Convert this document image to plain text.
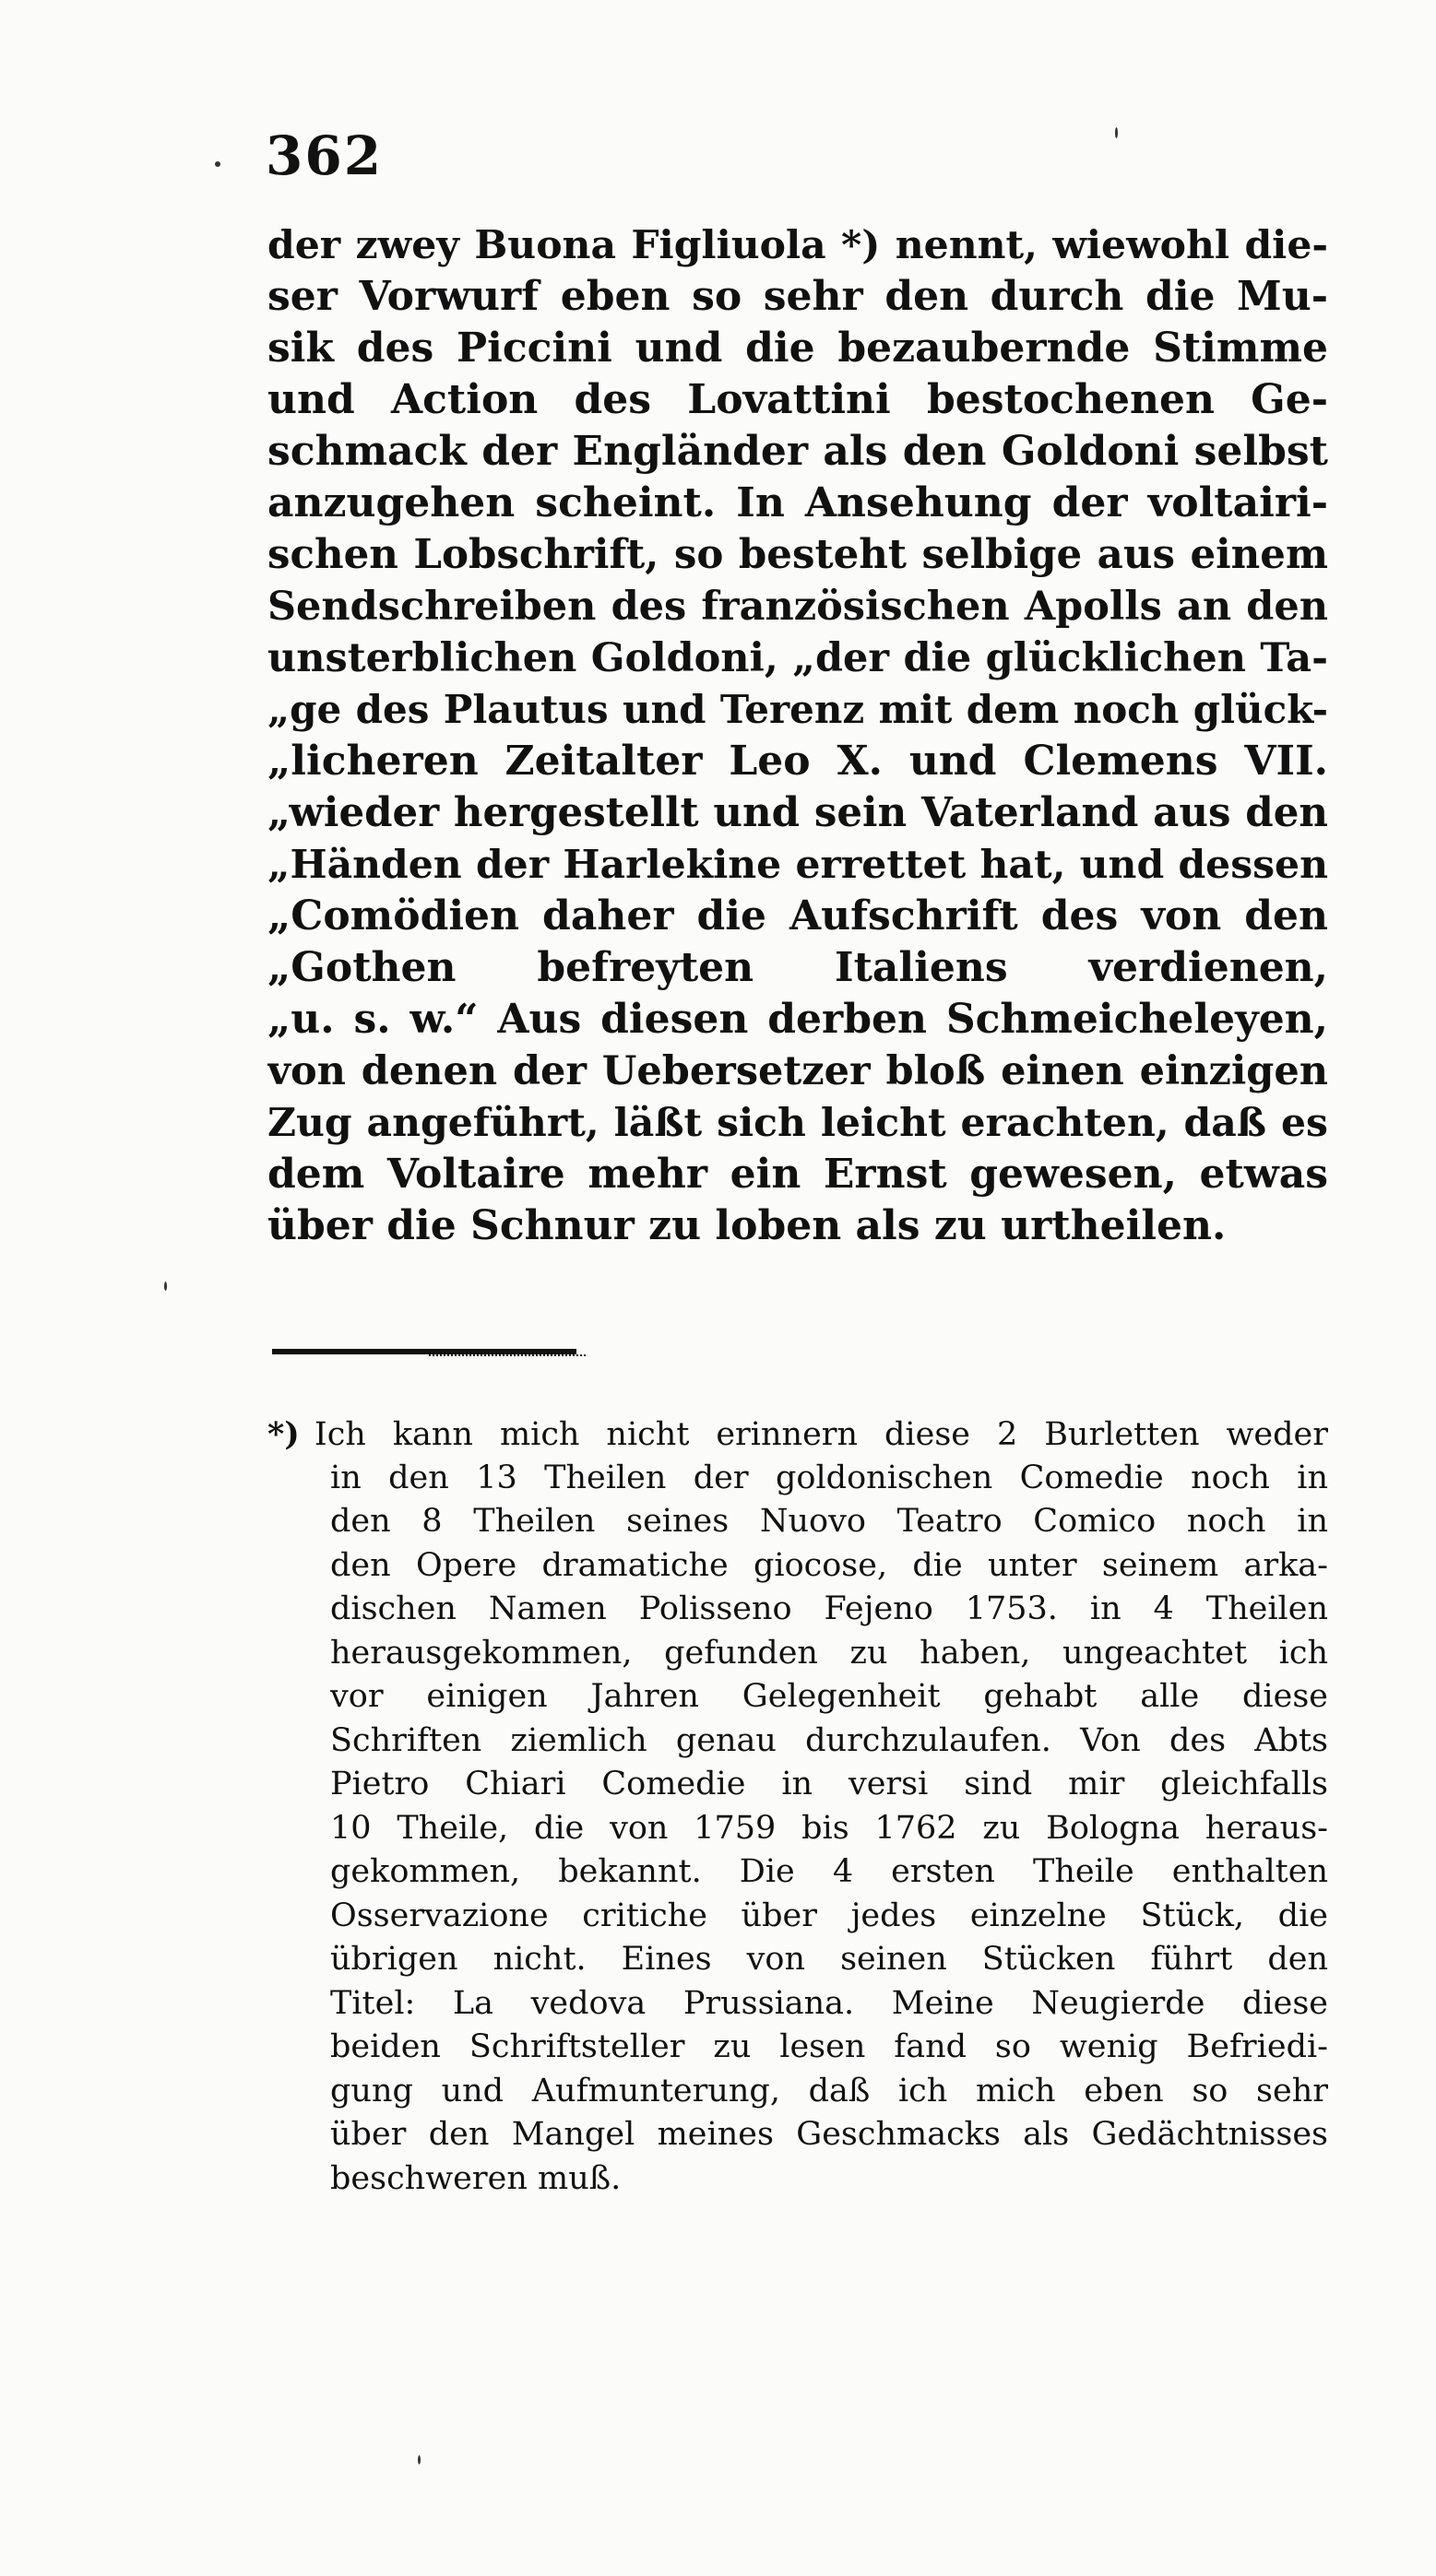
362
der zwey Buona Figliuola *) nennt, wiewohl die-
ser Vorwurf eben so sehr den durch die Mu-
sik des Piccini und die bezaubernde Stimme
und Action des Lovattini bestochenen Ge-
schmack der Engländer als den Goldoni selbst
anzugehen scheint. In Ansehung der voltairi-
schen Lobschrift, so besteht selbige aus einem
Sendschreiben des französischen Apolls an den
unsterblichen Goldoni, „der die glücklichen Ta-
„ge des Plautus und Terenz mit dem noch glück-
„licheren Zeitalter Leo X. und Clemens VII.
„wieder hergestellt und sein Vaterland aus den
„Händen der Harlekine errettet hat, und dessen
„Comödien daher die Aufschrift des von den
„Gothen befreyten Italiens verdienen,
„u. s. w.“ Aus diesen derben Schmeicheleyen,
von denen der Uebersetzer bloß einen einzigen
Zug angeführt, läßt sich leicht erachten, daß es
dem Voltaire mehr ein Ernst gewesen, etwas
über die Schnur zu loben als zu urtheilen.
*) Ich kann mich nicht erinnern diese 2 Burletten weder
in den 13 Theilen der goldonischen Comedie noch in
den 8 Theilen seines Nuovo Teatro Comico noch in
den Opere dramatiche giocose, die unter seinem arka-
dischen Namen Polisseno Fejeno 1753. in 4 Theilen
herausgekommen, gefunden zu haben, ungeachtet ich
vor einigen Jahren Gelegenheit gehabt alle diese
Schriften ziemlich genau durchzulaufen. Von des Abts
Pietro Chiari Comedie in versi sind mir gleichfalls
10 Theile, die von 1759 bis 1762 zu Bologna heraus-
gekommen, bekannt. Die 4 ersten Theile enthalten
Osservazione critiche über jedes einzelne Stück, die
übrigen nicht. Eines von seinen Stücken führt den
Titel: La vedova Prussiana. Meine Neugierde diese
beiden Schriftsteller zu lesen fand so wenig Befriedi-
gung und Aufmunterung, daß ich mich eben so sehr
über den Mangel meines Geschmacks als Gedächtnisses
beschweren muß.
